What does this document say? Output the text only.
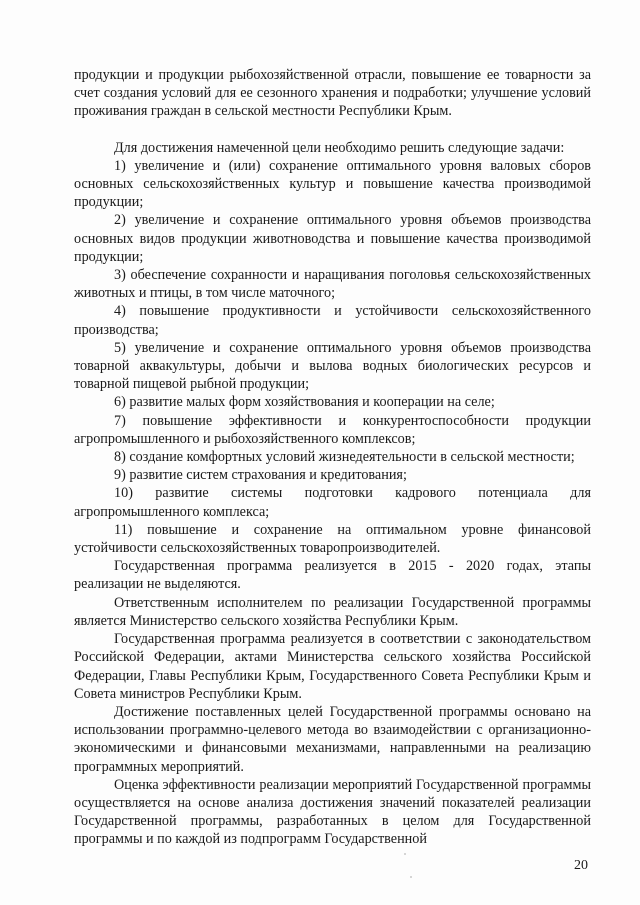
продукции и продукции рыбохозяйственной отрасли, повышение ее товарности за счет создания условий для ее сезонного хранения и подработки; улучшение условий проживания граждан в сельской местности Республики Крым.

Для достижения намеченной цели необходимо решить следующие задачи:

1) увеличение и (или) сохранение оптимального уровня валовых сборов основных сельскохозяйственных культур и повышение качества производимой продукции;

2) увеличение и сохранение оптимального уровня объемов производства основных видов продукции животноводства и повышение качества производимой продукции;

3) обеспечение сохранности и наращивания поголовья сельскохозяйственных животных и птицы, в том числе маточного;

4) повышение продуктивности и устойчивости сельскохозяйственного производства;

5) увеличение и сохранение оптимального уровня объемов производства товарной аквакультуры, добычи и вылова водных биологических ресурсов и товарной пищевой рыбной продукции;

6) развитие малых форм хозяйствования и кооперации на селе;

7) повышение эффективности и конкурентоспособности продукции агропромышленного и рыбохозяйственного комплексов;

8) создание комфортных условий жизнедеятельности в сельской местности;

9) развитие систем страхования и кредитования;

10) развитие системы подготовки кадрового потенциала для агропромышленного комплекса;

11) повышение и сохранение на оптимальном уровне финансовой устойчивости сельскохозяйственных товаропроизводителей.

Государственная программа реализуется в 2015 - 2020 годах, этапы реализации не выделяются.

Ответственным исполнителем по реализации Государственной программы является Министерство сельского хозяйства Республики Крым.

Государственная программа реализуется в соответствии с законодательством Российской Федерации, актами Министерства сельского хозяйства Российской Федерации, Главы Республики Крым, Государственного Совета Республики Крым и Совета министров Республики Крым.

Достижение поставленных целей Государственной программы основано на использовании программно-целевого метода во взаимодействии с организационно-экономическими и финансовыми механизмами, направленными на реализацию программных мероприятий.

Оценка эффективности реализации мероприятий Государственной программы осуществляется на основе анализа достижения значений показателей реализации Государственной программы, разработанных в целом для Государственной программы и по каждой из подпрограмм Государственной

20
